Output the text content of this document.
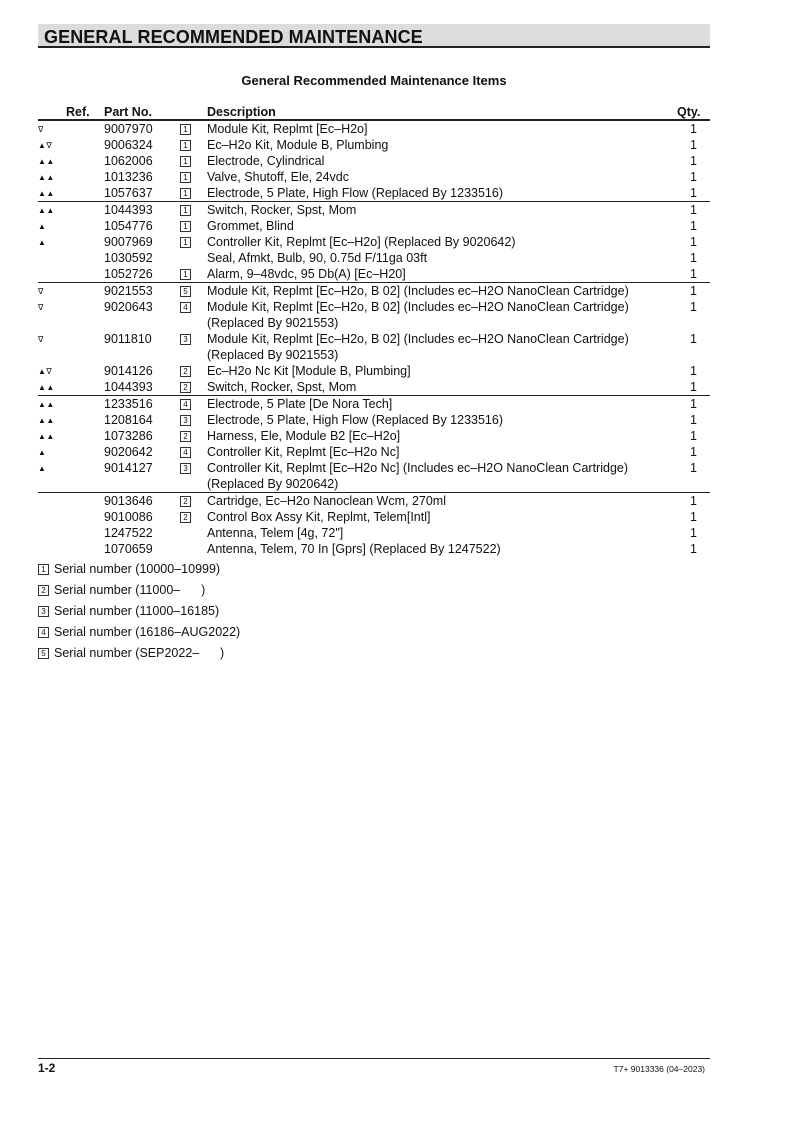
GENERAL RECOMMENDED MAINTENANCE
General Recommended Maintenance Items
Ref. Part No.	Description	Qty.
∇	9007970	1	Module Kit, Replmt [Ec–H2o]	1
▲∇	9006324	1	Ec–H2o Kit, Module B, Plumbing	1
▲▲	1062006	1	Electrode, Cylindrical	1
▲▲	1013236	1	Valve, Shutoff, Ele, 24vdc	1
▲▲	1057637	1	Electrode, 5 Plate, High Flow (Replaced By 1233516)	1
▲▲	1044393	1	Switch, Rocker, Spst, Mom	1
▲	1054776	1	Grommet, Blind	1
▲	9007969	1	Controller Kit, Replmt [Ec–H2o] (Replaced By 9020642)	1
	1030592		Seal, Afmkt, Bulb, 90, 0.75d F/11ga 03ft	1
	1052726	1	Alarm, 9–48vdc, 95 Db(A) [Ec–H20]	1
∇	9021553	5	Module Kit, Replmt [Ec–H2o, B 02] (Includes ec–H2O NanoClean Cartridge)	1
∇	9020643	4	Module Kit, Replmt [Ec–H2o, B 02] (Includes ec–H2O NanoClean Cartridge) (Replaced By 9021553)	1
∇	9011810	3	Module Kit, Replmt [Ec–H2o, B 02] (Includes ec–H2O NanoClean Cartridge) (Replaced By 9021553)	1
▲∇	9014126	2	Ec–H2o Nc Kit [Module B, Plumbing]	1
▲▲	1044393	2	Switch, Rocker, Spst, Mom	1
▲▲	1233516	4	Electrode, 5 Plate [De Nora Tech]	1
▲▲	1208164	3	Electrode, 5 Plate, High Flow (Replaced By 1233516)	1
▲▲	1073286	2	Harness, Ele, Module B2 [Ec–H2o]	1
▲	9020642	4	Controller Kit, Replmt [Ec–H2o Nc]	1
▲	9014127	3	Controller Kit, Replmt [Ec–H2o Nc] (Includes ec–H2O NanoClean Cartridge) (Replaced By 9020642)	1
	9013646	2	Cartridge, Ec–H2o Nanoclean Wcm, 270ml	1
	9010086	2	Control Box Assy Kit, Replmt, Telem[Intl]	1
	1247522		Antenna, Telem [4g, 72"]	1
	1070659		Antenna, Telem, 70 In [Gprs] (Replaced By 1247522)	1
1 Serial number (10000–10999)
2 Serial number (11000–      )
3 Serial number (11000–16185)
4 Serial number (16186–AUG2022)
5 Serial number (SEP2022–      )
1-2	T7+ 9013336 (04–2023)
